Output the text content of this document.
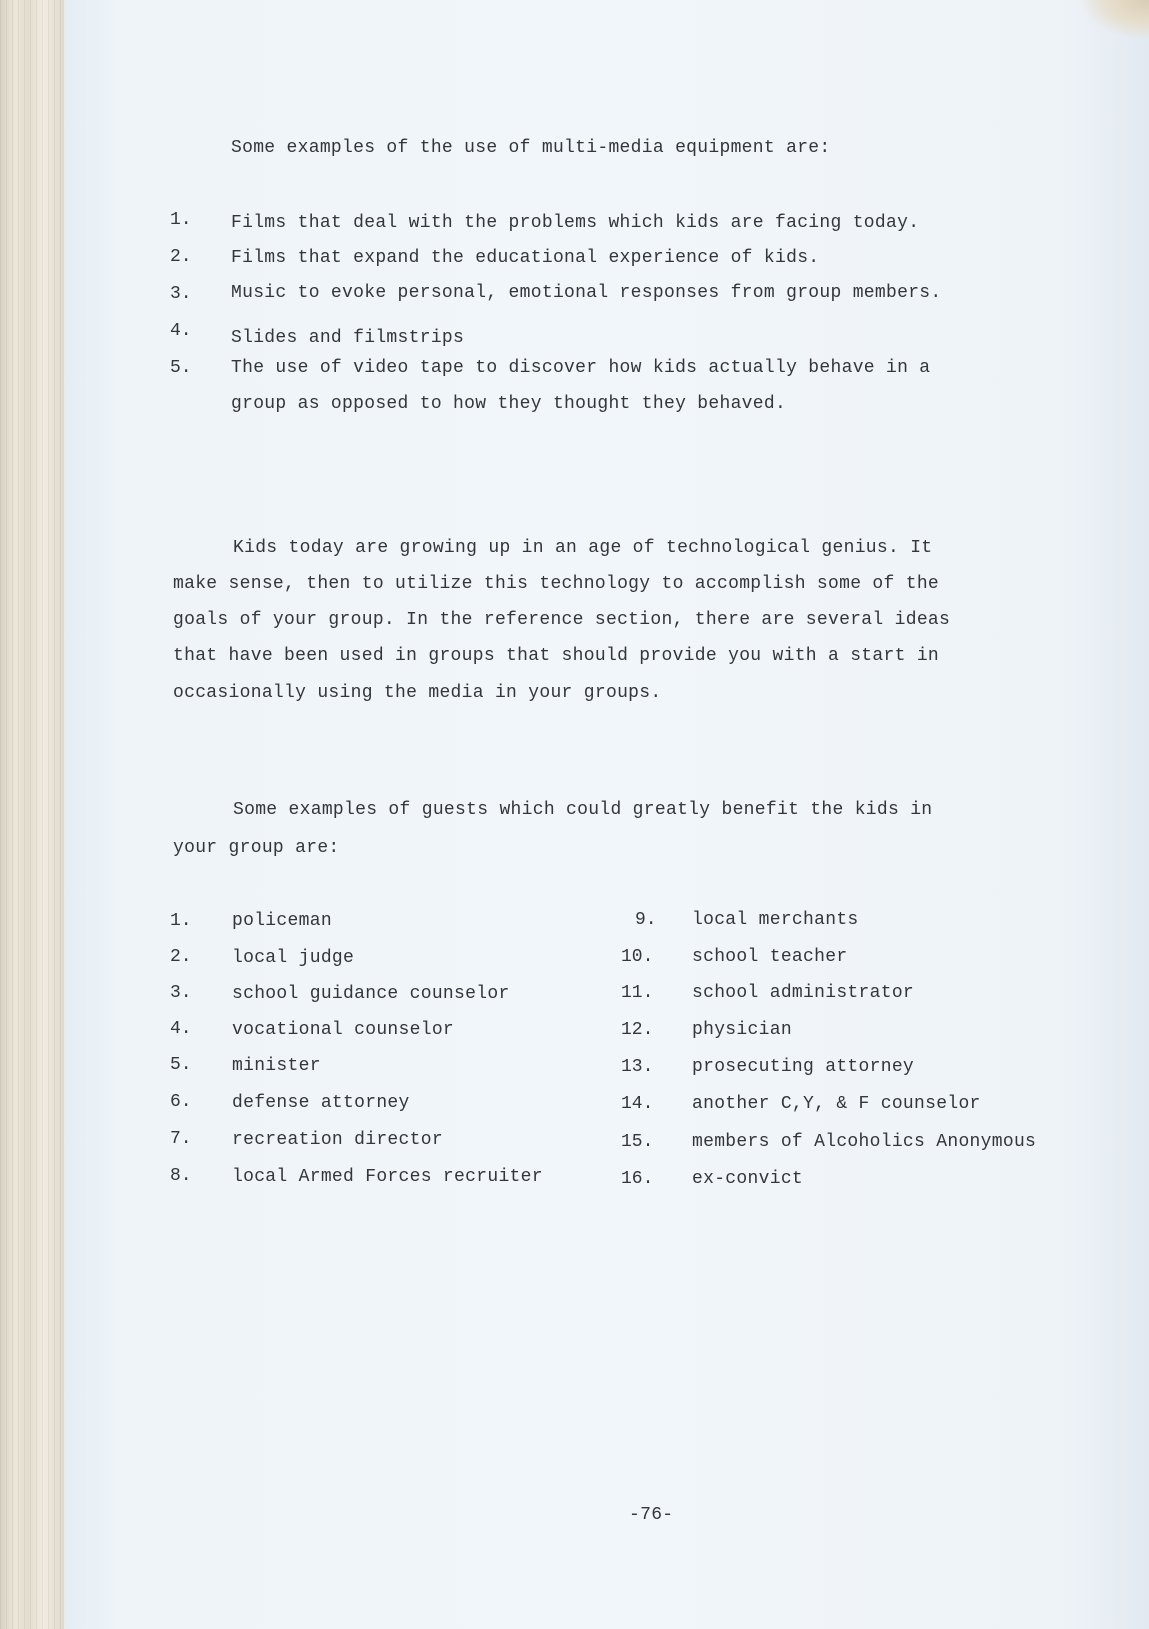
Some examples of the use of multi-media equipment are:
1. Films that deal with the problems which kids are facing today.
2. Films that expand the educational experience of kids.
3. Music to evoke personal, emotional responses from group members.
4. Slides and filmstrips
5. The use of video tape to discover how kids actually behave in a
group as opposed to how they thought they behaved.
Kids today are growing up in an age of technological genius. It
make sense, then to utilize this technology to accomplish some of the
goals of your group. In the reference section, there are several ideas
that have been used in groups that should provide you with a start in
occasionally using the media in your groups.
Some examples of guests which could greatly benefit the kids in
your group are:
1. policeman
2. local judge
3. school guidance counselor
4. vocational counselor
5. minister
6. defense attorney
7. recreation director
8. local Armed Forces recruiter
9. local merchants
10. school teacher
11. school administrator
12. physician
13. prosecuting attorney
14. another C,Y, & F counselor
15. members of Alcoholics Anonymous
16. ex-convict
-76-
